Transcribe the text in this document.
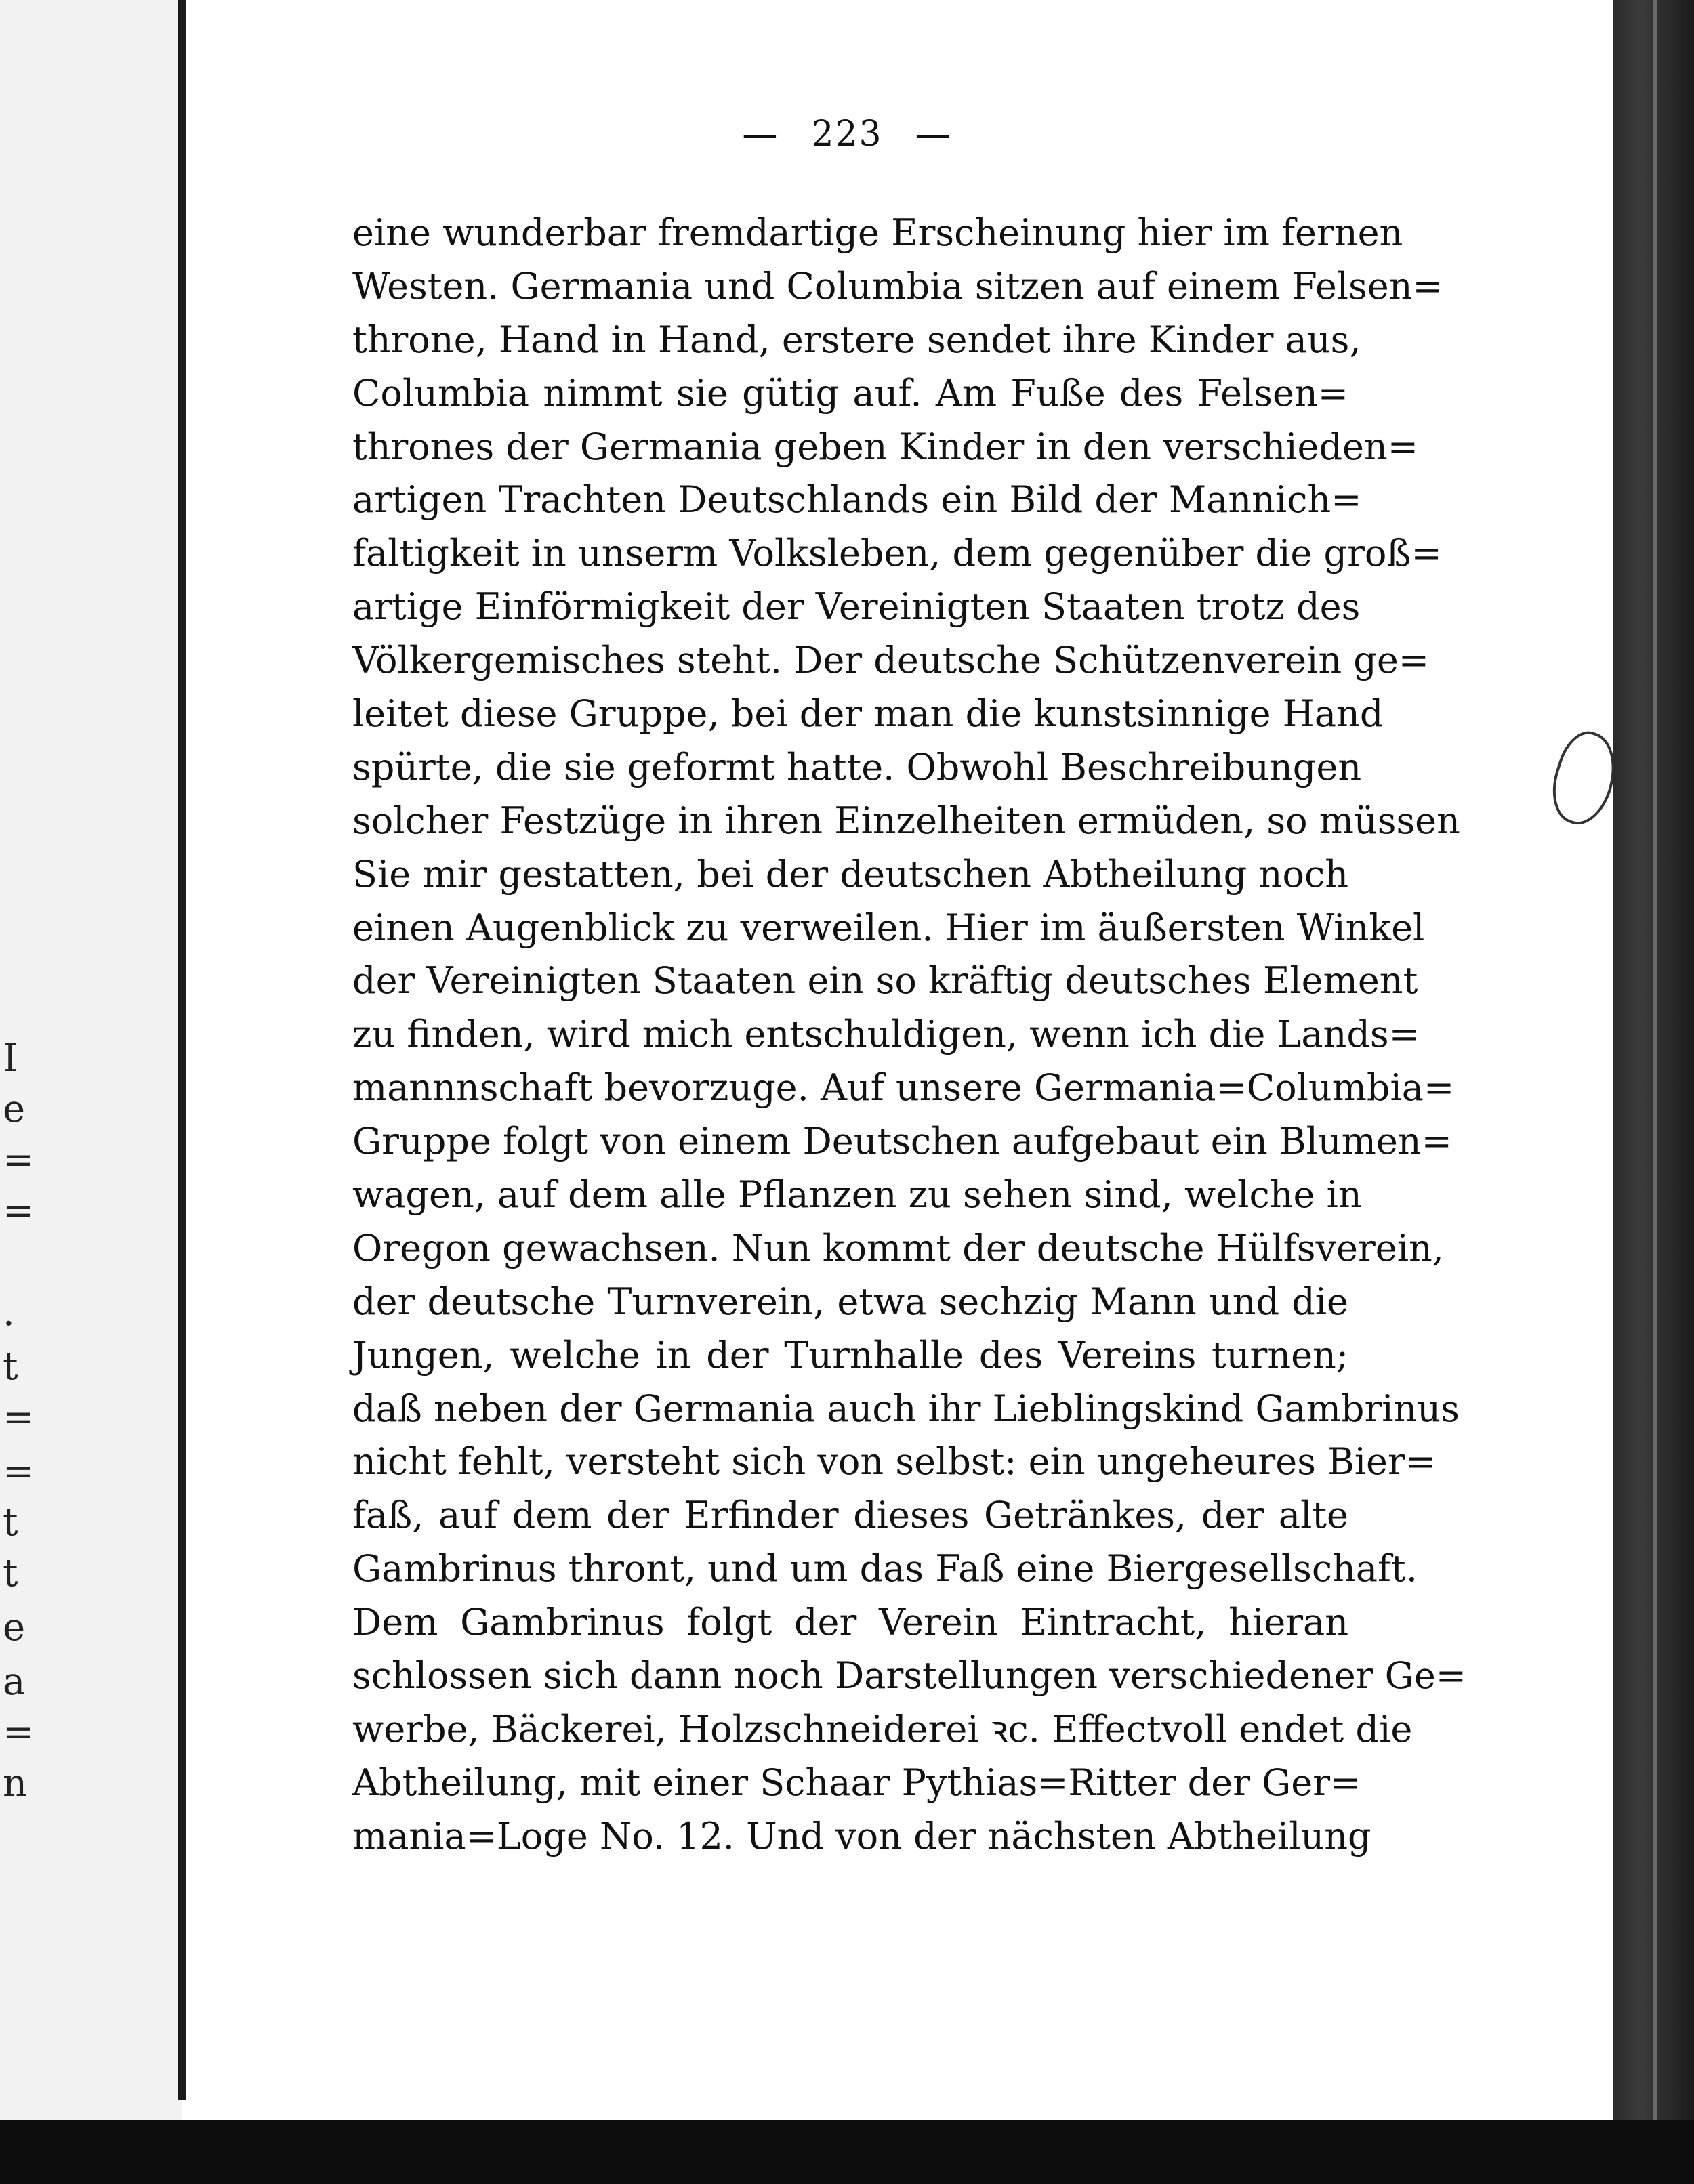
I
e
=
=
.
t
=
=
t
t
e
a
=
n
— 223 —
eine wunderbar fremdartige Erscheinung hier im fernen
Westen. Germania und Columbia sitzen auf einem Felsen=
throne, Hand in Hand, erstere sendet ihre Kinder aus,
Columbia nimmt sie gütig auf. Am Fuße des Felsen=
thrones der Germania geben Kinder in den verschieden=
artigen Trachten Deutschlands ein Bild der Mannich=
faltigkeit in unserm Volksleben, dem gegenüber die groß=
artige Einförmigkeit der Vereinigten Staaten trotz des
Völkergemisches steht. Der deutsche Schützenverein ge=
leitet diese Gruppe, bei der man die kunstsinnige Hand
spürte, die sie geformt hatte. Obwohl Beschreibungen
solcher Festzüge in ihren Einzelheiten ermüden, so müssen
Sie mir gestatten, bei der deutschen Abtheilung noch
einen Augenblick zu verweilen. Hier im äußersten Winkel
der Vereinigten Staaten ein so kräftig deutsches Element
zu finden, wird mich entschuldigen, wenn ich die Lands=
mannnschaft bevorzuge. Auf unsere Germania=Columbia=
Gruppe folgt von einem Deutschen aufgebaut ein Blumen=
wagen, auf dem alle Pflanzen zu sehen sind, welche in
Oregon gewachsen. Nun kommt der deutsche Hülfsverein,
der deutsche Turnverein, etwa sechzig Mann und die
Jungen, welche in der Turnhalle des Vereins turnen;
daß neben der Germania auch ihr Lieblingskind Gambrinus
nicht fehlt, versteht sich von selbst: ein ungeheures Bier=
faß, auf dem der Erfinder dieses Getränkes, der alte
Gambrinus thront, und um das Faß eine Biergesellschaft.
Dem Gambrinus folgt der Verein Eintracht, hieran
schlossen sich dann noch Darstellungen verschiedener Ge=
werbe, Bäckerei, Holzschneiderei ꝛc. Effectvoll endet die
Abtheilung, mit einer Schaar Pythias=Ritter der Ger=
mania=Loge No. 12. Und von der nächsten Abtheilung
